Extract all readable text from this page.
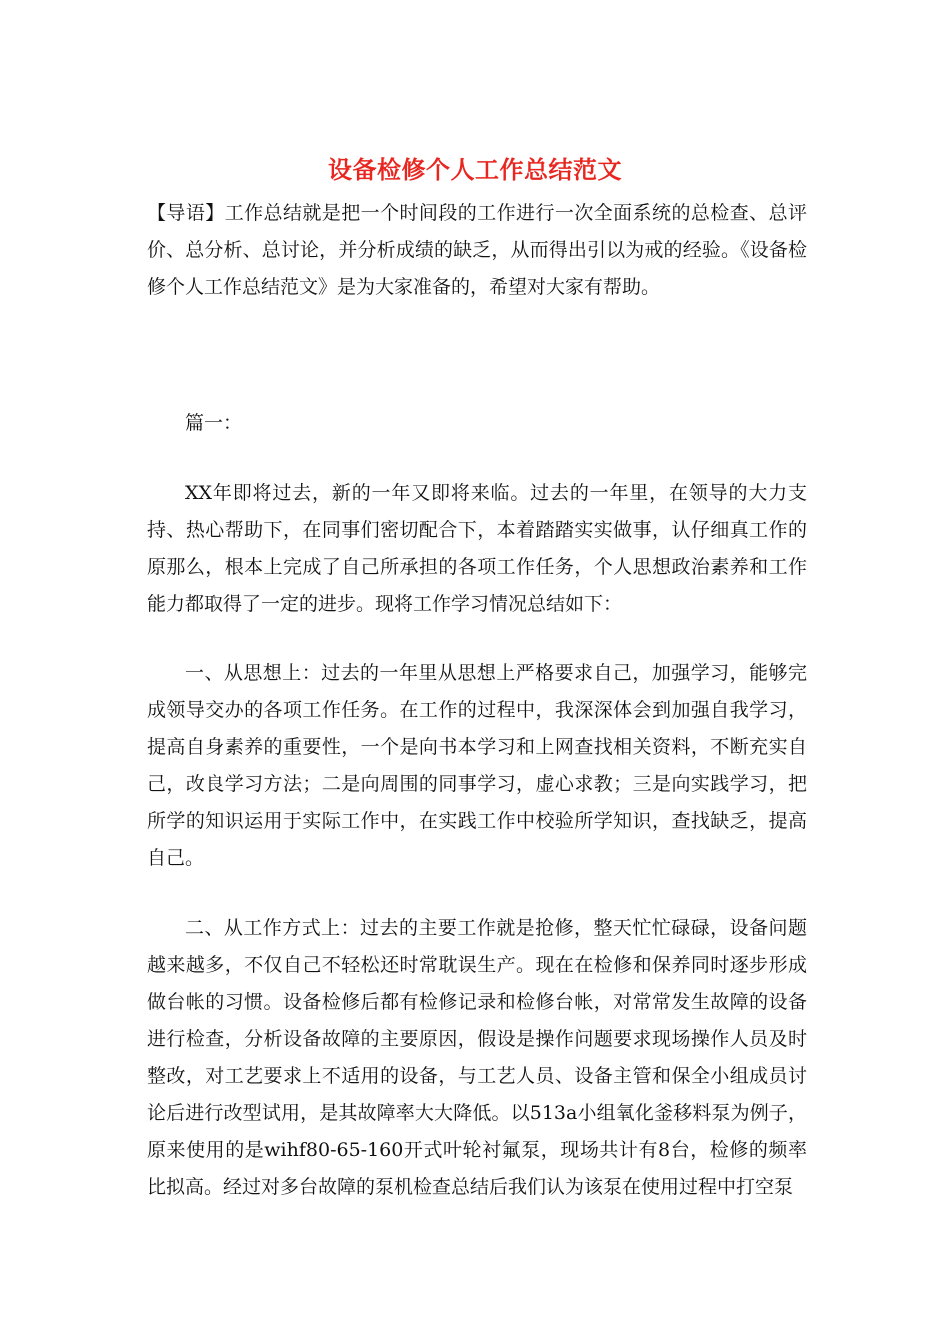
设备检修个人工作总结范文

【导语】工作总结就是把一个时间段的工作进行一次全面系统的总检查、总评价、总分析、总讨论，并分析成绩的缺乏，从而得出引以为戒的经验。《设备检修个人工作总结范文》是为大家准备的，希望对大家有帮助。

篇一：

XX年即将过去，新的一年又即将来临。过去的一年里，在领导的大力支持、热心帮助下，在同事们密切配合下，本着踏踏实实做事，认仔细真工作的原那么，根本上完成了自己所承担的各项工作任务，个人思想政治素养和工作能力都取得了一定的进步。现将工作学习情况总结如下：

一、从思想上：过去的一年里从思想上严格要求自己，加强学习，能够完成领导交办的各项工作任务。在工作的过程中，我深深体会到加强自我学习，提高自身素养的重要性，一个是向书本学习和上网查找相关资料，不断充实自己，改良学习方法；二是向周围的同事学习，虚心求教；三是向实践学习，把所学的知识运用于实际工作中，在实践工作中校验所学知识，查找缺乏，提高自己。

二、从工作方式上：过去的主要工作就是抢修，整天忙忙碌碌，设备问题越来越多，不仅自己不轻松还时常耽误生产。现在在检修和保养同时逐步形成做台帐的习惯。设备检修后都有检修记录和检修台帐，对常常发生故障的设备进行检查，分析设备故障的主要原因，假设是操作问题要求现场操作人员及时整改，对工艺要求上不适用的设备，与工艺人员、设备主管和保全小组成员讨论后进行改型试用，是其故障率大大降低。以513a小组氧化釜移料泵为例子，原来使用的是wihf80-65-160开式叶轮衬氟泵，现场共计有8台，检修的频率比拟高。经过对多台故障的泵机检查总结后我们认为该泵在使用过程中打空泵
